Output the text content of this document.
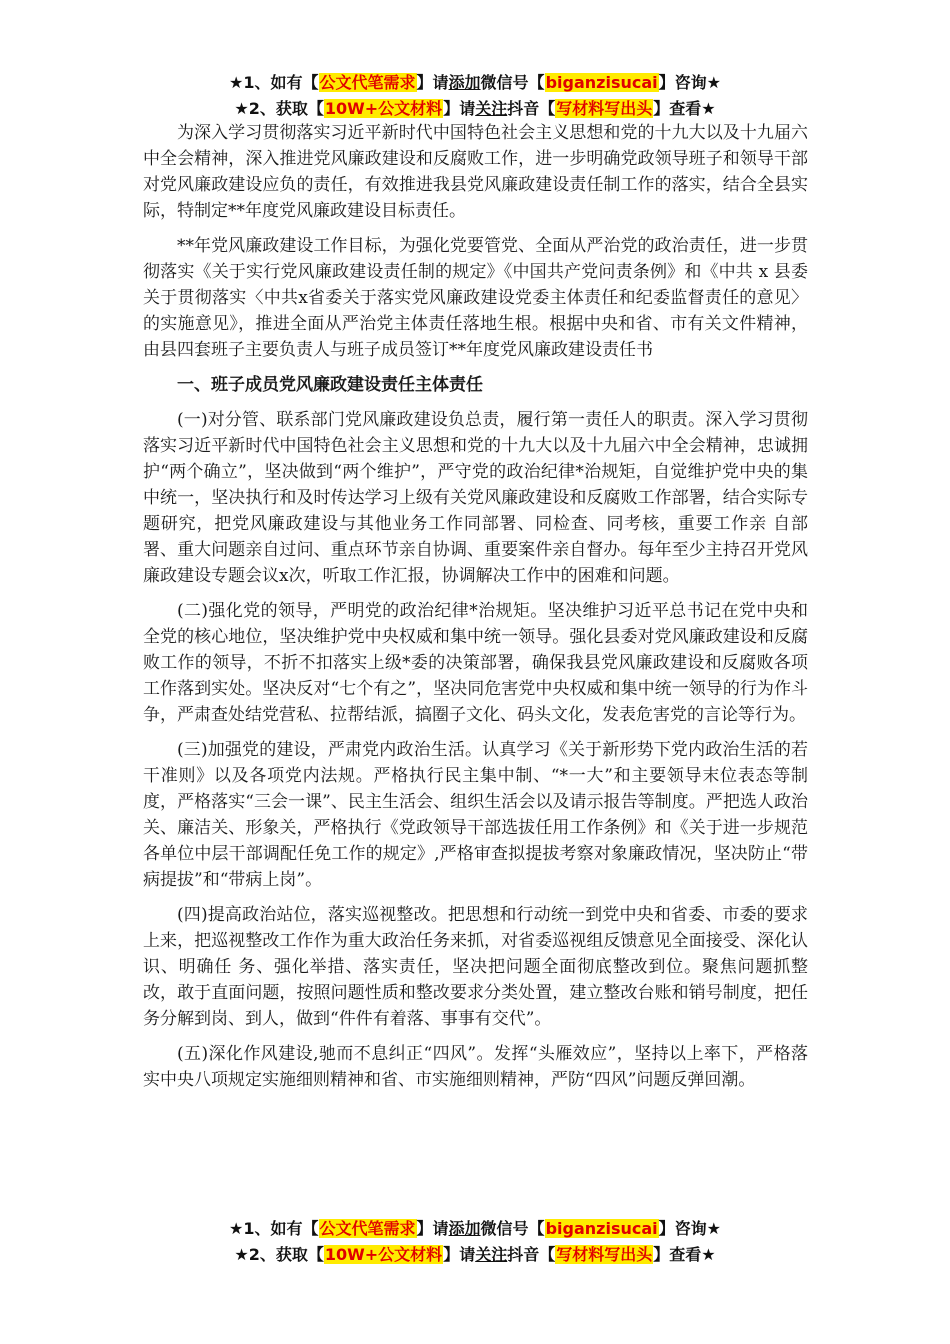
★1、如有【公文代笔需求】请添加微信号【biganzisucai】咨询★
★2、获取【10W+公文材料】请关注抖音【写材料写出头】查看★

为深入学习贯彻落实习近平新时代中国特色社会主义思想和党的十九大以及十九届六中全会精神，深入推进党风廉政建设和反腐败工作，进一步明确党政领导班子和领导干部对党风廉政建设应负的责任，有效推进我县党风廉政建设责任制工作的落实，结合全县实际，特制定**年度党风廉政建设目标责任。

**年党风廉政建设工作目标，为强化党要管党、全面从严治党的政治责任，进一步贯彻落实《关于实行党风廉政建设责任制的规定》《中国共产党问责条例》和《中共 x 县委关于贯彻落实〈中共x省委关于落实党风廉政建设党委主体责任和纪委监督责任的意见〉的实施意见》，推进全面从严治党主体责任落地生根。根据中央和省、市有关文件精神，由县四套班子主要负责人与班子成员签订**年度党风廉政建设责任书

一、班子成员党风廉政建设责任主体责任

(一)对分管、联系部门党风廉政建设负总责，履行第一责任人的职责。深入学习贯彻落实习近平新时代中国特色社会主义思想和党的十九大以及十九届六中全会精神，忠诚拥护“两个确立”，坚决做到“两个维护”，严守党的政治纪律*治规矩，自觉维护党中央的集中统一，坚决执行和及时传达学习上级有关党风廉政建设和反腐败工作部署，结合实际专题研究，把党风廉政建设与其他业务工作同部署、同检查、同考核，重要工作亲 自部署、重大问题亲自过问、重点环节亲自协调、重要案件亲自督办。每年至少主持召开党风廉政建设专题会议x次，听取工作汇报，协调解决工作中的困难和问题。

(二)强化党的领导，严明党的政治纪律*治规矩。坚决维护习近平总书记在党中央和全党的核心地位，坚决维护党中央权威和集中统一领导。强化县委对党风廉政建设和反腐败工作的领导，不折不扣落实上级*委的决策部署，确保我县党风廉政建设和反腐败各项工作落到实处。坚决反对“七个有之”，坚决同危害党中央权威和集中统一领导的行为作斗争，严肃查处结党营私、拉帮结派，搞圈子文化、码头文化，发表危害党的言论等行为。

(三)加强党的建设，严肃党内政治生活。认真学习《关于新形势下党内政治生活的若干准则》以及各项党内法规。严格执行民主集中制、“*一大”和主要领导末位表态等制度，严格落实“三会一课”、民主生活会、组织生活会以及请示报告等制度。严把选人政治关、廉洁关、形象关，严格执行《党政领导干部选拔任用工作条例》和《关于进一步规范各单位中层干部调配任免工作的规定》,严格审查拟提拔考察对象廉政情况，坚决防止“带病提拔”和“带病上岗”。

(四)提高政治站位，落实巡视整改。把思想和行动统一到党中央和省委、市委的要求上来，把巡视整改工作作为重大政治任务来抓，对省委巡视组反馈意见全面接受、深化认识、明确任 务、强化举措、落实责任，坚决把问题全面彻底整改到位。聚焦问题抓整改，敢于直面问题，按照问题性质和整改要求分类处置，建立整改台账和销号制度，把任务分解到岗、到人，做到“件件有着落、事事有交代”。

(五)深化作风建设,驰而不息纠正“四风”。发挥“头雁效应”，坚持以上率下，严格落实中央八项规定实施细则精神和省、市实施细则精神，严防“四风”问题反弹回潮。

★1、如有【公文代笔需求】请添加微信号【biganzisucai】咨询★
★2、获取【10W+公文材料】请关注抖音【写材料写出头】查看★
